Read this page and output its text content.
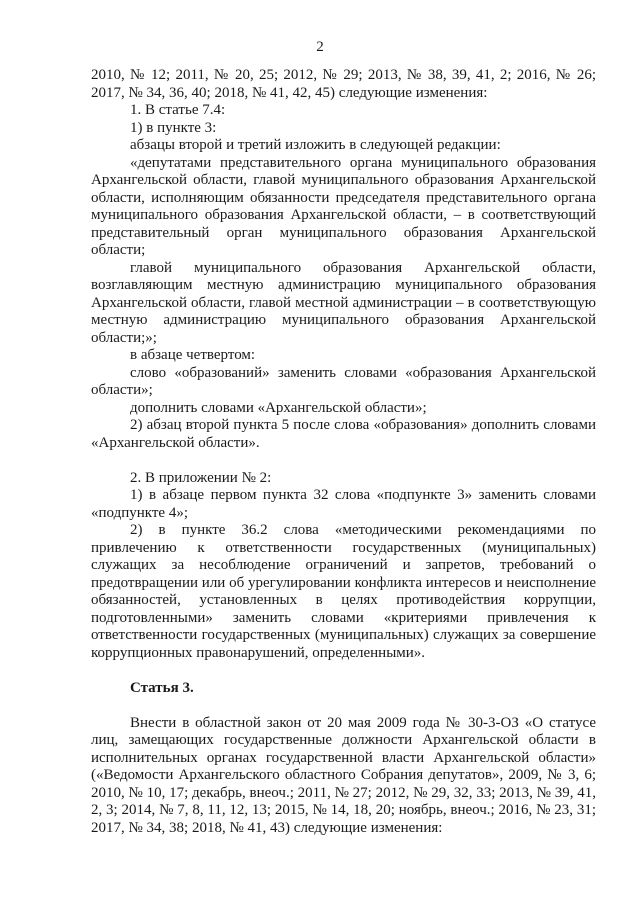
2

2010, № 12; 2011, № 20, 25; 2012, № 29; 2013, № 38, 39, 41, 2; 2016, № 26; 2017, № 34, 36, 40; 2018, № 41, 42, 45) следующие изменения:

1. В статье 7.4:

1) в пункте 3:

абзацы второй и третий изложить в следующей редакции:

«депутатами представительного органа муниципального образования Архангельской области, главой муниципального образования Архангельской области, исполняющим обязанности председателя представительного органа муниципального образования Архангельской области, – в соответствующий представительный орган муниципального образования Архангельской области;

главой муниципального образования Архангельской области, возглавляющим местную администрацию муниципального образования Архангельской области, главой местной администрации – в соответствующую местную администрацию муниципального образования Архангельской области;»;

в абзаце четвертом:

слово «образований» заменить словами «образования Архангельской области»;

дополнить словами «Архангельской области»;

2) абзац второй пункта 5 после слова «образования» дополнить словами «Архангельской области».

2. В приложении № 2:

1) в абзаце первом пункта 32 слова «подпункте 3» заменить словами «подпункте 4»;

2) в пункте 36.2 слова «методическими рекомендациями по привлечению к ответственности государственных (муниципальных) служащих за несоблюдение ограничений и запретов, требований о предотвращении или об урегулировании конфликта интересов и неисполнение обязанностей, установленных в целях противодействия коррупции, подготовленными» заменить словами «критериями привлечения к ответственности государственных (муниципальных) служащих за совершение коррупционных правонарушений, определенными».

Статья 3.

Внести в областной закон от 20 мая 2009 года № 30-3-ОЗ «О статусе лиц, замещающих государственные должности Архангельской области в исполнительных органах государственной власти Архангельской области» («Ведомости Архангельского областного Собрания депутатов», 2009, № 3, 6; 2010, № 10, 17; декабрь, внеоч.; 2011, № 27; 2012, № 29, 32, 33; 2013, № 39, 41, 2, 3; 2014, № 7, 8, 11, 12, 13; 2015, № 14, 18, 20; ноябрь, внеоч.; 2016, № 23, 31; 2017, № 34, 38; 2018, № 41, 43) следующие изменения:
